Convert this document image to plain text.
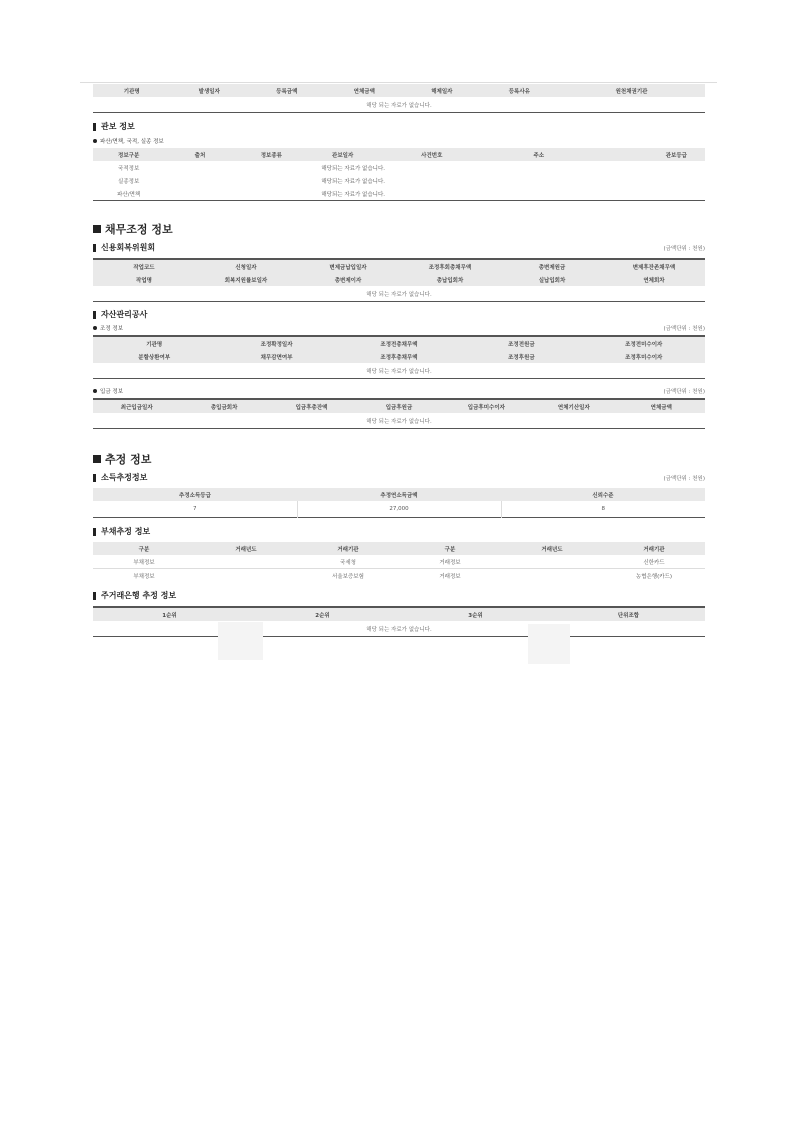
기관명	발생일자	등록금액	연체금액	해제일자	등록사유	원천채권기관
해당 되는 자료가 없습니다.
관보 정보
파산/면책, 국적, 실종 정보
정보구분	출처	정보종류	관보일자	사건번호	주소	관보등급
국적정보	해당되는 자료가 없습니다.					
실종정보	해당되는 자료가 없습니다.					
파산/면책	해당되는 자료가 없습니다.					
채무조정 정보
신용회복위원회	(금액단위 : 천원)
작업코드	신청일자	변제금납입일자	조정후회총채무액	총변제원금	변제후잔존채무액
작업명	회복지원률보일자	총변제이자	총납입회차	실납입회차	연체회차
해당 되는 자료가 없습니다.					
자산관리공사
조정 정보	(금액단위 : 천원)
기관명	조정확정일자	조정전총채무액	조정전원금	조정전미수이자
분할상환여부	채무감면여부	조정후총채무액	조정후원금	조정후미수이자
해당 되는 자료가 없습니다.				
입금 정보	(금액단위 : 천원)
최근입금일자	총입금회차	입금후총잔액	입금후원금	입금후미수이자	연체기산일자	연체금액
해당 되는 자료가 없습니다.
추정 정보
소득추정정보	(금액단위 : 천원)
추정소득등급	추정연소득금액	신뢰수준
7	27,000	8
부채추정 정보
구분	거래년도	거래기관	구분	거래년도	거래기관
부채정보		국세청	거래정보		신한카드
부채정보		서울보증보험	거래정보		농협은행(카드)
주거래은행 추정 정보
1순위	2순위	3순위	단위조합
해당 되는 자료가 없습니다.
